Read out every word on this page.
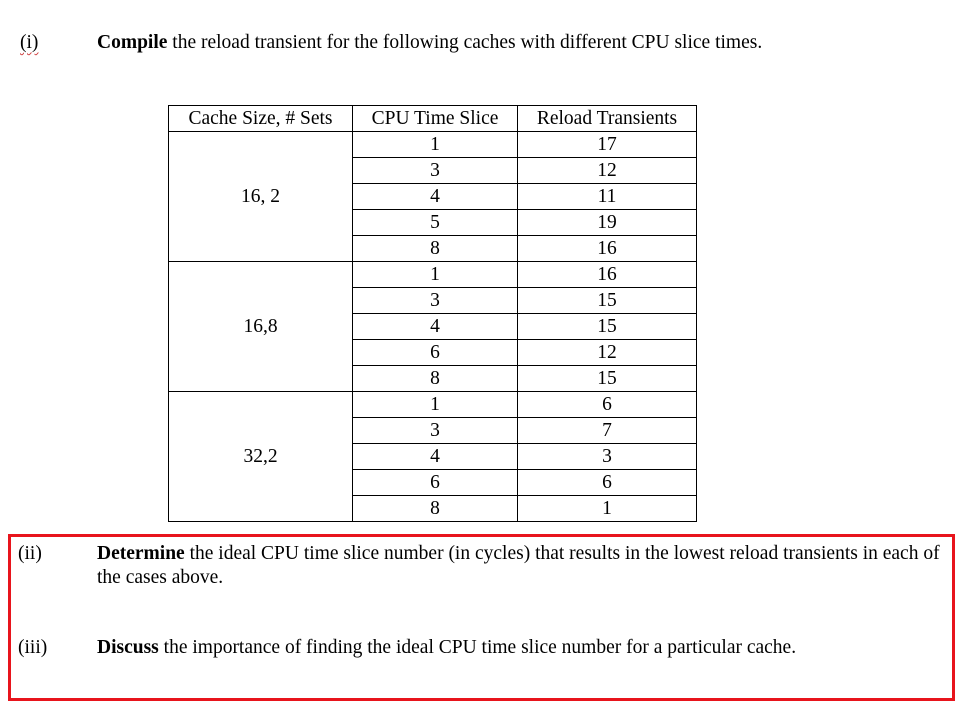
(i)	Compile the reload transient for the following caches with different CPU slice times.
Cache Size, # Sets	CPU Time Slice	Reload Transients
16, 2	1	17
	3	12
	4	11
	5	19
	8	16
16,8	1	16
	3	15
	4	15
	6	12
	8	15
32,2	1	6
	3	7
	4	3
	6	6
	8	1
(ii)	Determine the ideal CPU time slice number (in cycles) that results in the lowest reload transients in each of the cases above.
(iii)	Discuss the importance of finding the ideal CPU time slice number for a particular cache.
